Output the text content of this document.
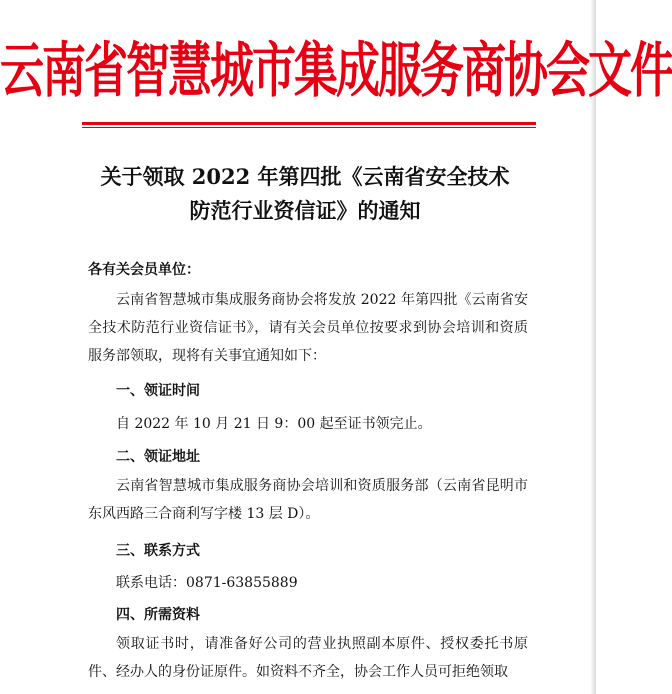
云南省智慧城市集成服务商协会文件
关于领取 2022 年第四批《云南省安全技术
防范行业资信证》的通知
各有关会员单位：
云南省智慧城市集成服务商协会将发放 2022 年第四批《云南省安全技术防范行业资信证书》，请有关会员单位按要求到协会培训和资质服务部领取，现将有关事宜通知如下：
一、领证时间
自 2022 年 10 月 21 日 9：00 起至证书领完止。
二、领证地址
云南省智慧城市集成服务商协会培训和资质服务部（云南省昆明市东风西路三合商利写字楼 13 层 D）。
三、联系方式
联系电话：0871-63855889
四、所需资料
领取证书时，请准备好公司的营业执照副本原件、授权委托书原件、经办人的身份证原件。如资料不齐全，协会工作人员可拒绝领取
